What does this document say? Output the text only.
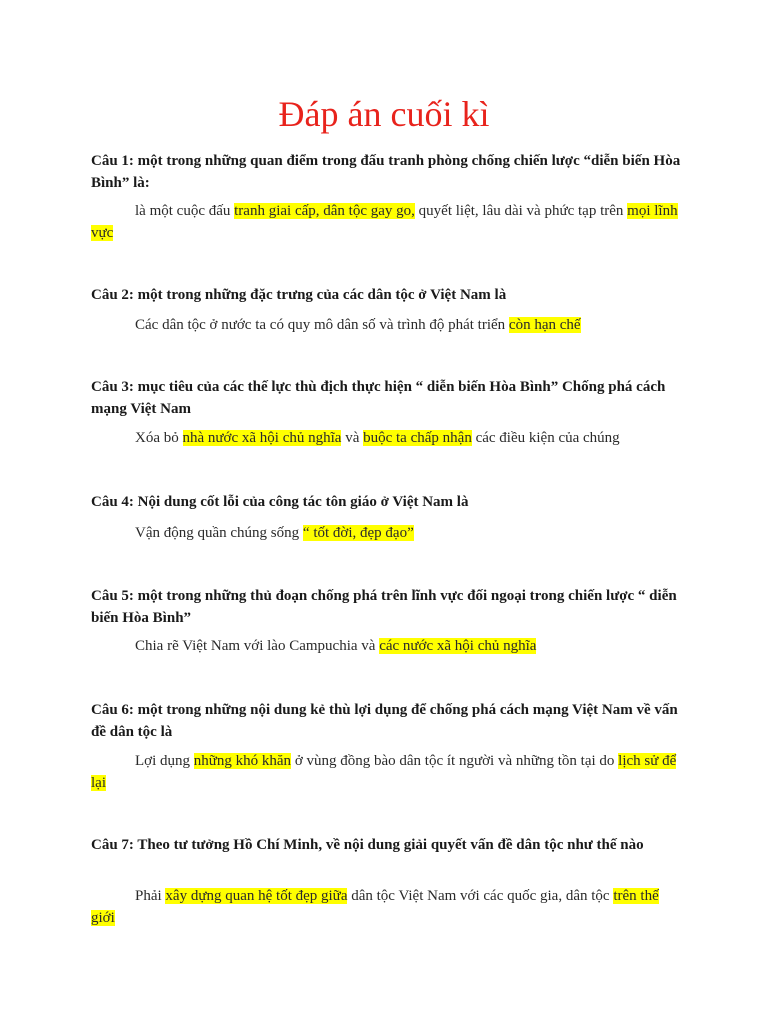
Đáp án cuối kì
Câu 1: một trong những quan điểm trong đấu tranh phòng chống chiến lược “diễn biến Hòa Bình” là:
là một cuộc đấu tranh giai cấp, dân tộc gay go, quyết liệt, lâu dài và phức tạp trên mọi lĩnh vực
Câu 2: một trong những đặc trưng của các dân tộc ở Việt Nam là
Các dân tộc ở nước ta có quy mô dân số và trình độ phát triển còn hạn chế
Câu 3: mục tiêu của các thế lực thù địch thực hiện “ diễn biến Hòa Bình” Chống phá cách mạng Việt Nam
Xóa bỏ nhà nước xã hội chủ nghĩa và buộc ta chấp nhận các điều kiện của chúng
Câu 4: Nội dung cốt lỗi của công tác tôn giáo ở Việt Nam là
Vận động quần chúng sống “ tốt đời, đẹp đạo”
Câu 5: một trong những thủ đoạn chống phá trên lĩnh vực đối ngoại trong chiến lược “ diễn biến Hòa Bình”
Chia rẽ Việt Nam với lào Campuchia và các nước xã hội chủ nghĩa
Câu 6: một trong những nội dung kẻ thù lợi dụng để chống phá cách mạng Việt Nam về vấn đề dân tộc là
Lợi dụng những khó khăn ở vùng đồng bào dân tộc ít người và những tồn tại do lịch sử để lại
Câu 7: Theo tư tưởng Hồ Chí Minh, về nội dung giải quyết vấn đề dân tộc như thế nào
Phải xây dựng quan hệ tốt đẹp giữa dân tộc Việt Nam với các quốc gia, dân tộc trên thế giới
